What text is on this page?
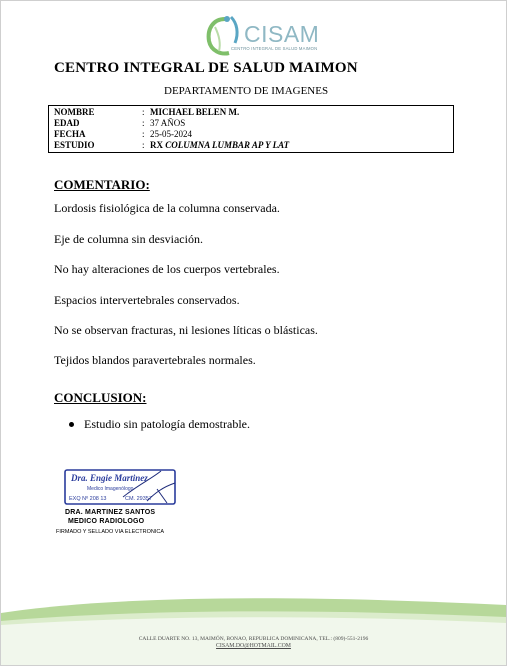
CISAM
CENTRO INTEGRAL DE SALUD MAIMON
CENTRO INTEGRAL DE SALUD MAIMON
DEPARTAMENTO DE IMAGENES
NOMBRE	: MICHAEL BELEN M.
EDAD	: 37 AÑOS
FECHA	: 25-05-2024
ESTUDIO	: RX COLUMNA LUMBAR AP Y LAT
COMENTARIO:
Lordosis fisiológica de la columna conservada.
Eje de columna sin desviación.
No hay alteraciones de los cuerpos vertebrales.
Espacios intervertebrales conservados.
No se observan fracturas, ni lesiones líticas o blásticas.
Tejidos blandos paravertebrales normales.
CONCLUSION:
Estudio sin patología demostrable.
Dra. Engie Martinez
Medico Imagenólogo
EXQ Nº 208 13	CM. 29357
DRA. MARTINEZ SANTOS
MEDICO RADIOLOGO
FIRMADO Y SELLADO VIA ELECTRONICA
CALLE DUARTE NO. 13, MAIMÓN, BONAO, REPUBLICA DOMINICANA, TEL.: (809)-551-2196
CISAM.DO@HOTMAIL.COM
